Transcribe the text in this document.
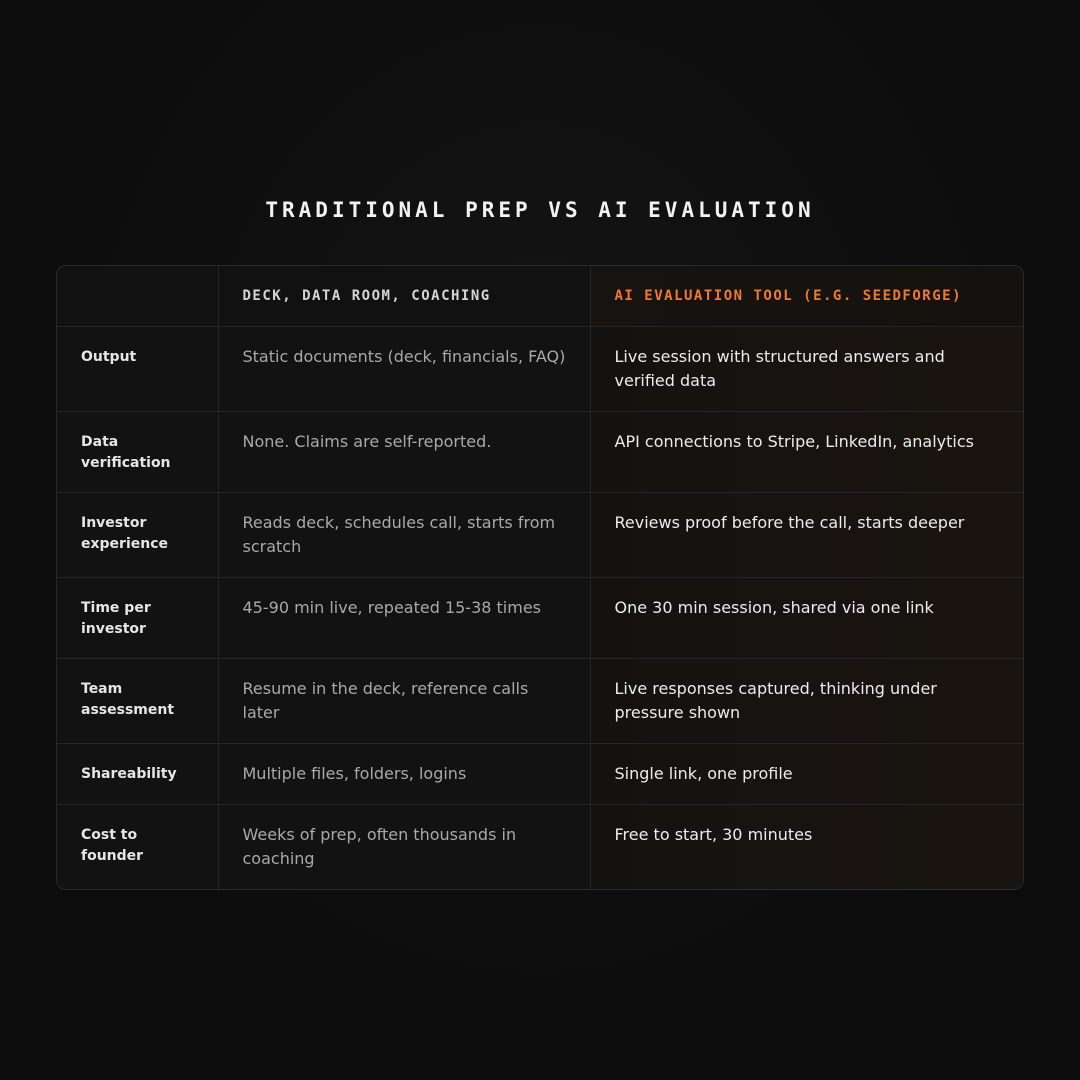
TRADITIONAL PREP VS AI EVALUATION
	DECK, DATA ROOM, COACHING	AI EVALUATION TOOL (E.G. SEEDFORGE)
Output	Static documents (deck, financials, FAQ)	Live session with structured answers and verified data
Data verification	None. Claims are self-reported.	API connections to Stripe, LinkedIn, analytics
Investor experience	Reads deck, schedules call, starts from scratch	Reviews proof before the call, starts deeper
Time per investor	45-90 min live, repeated 15-38 times	One 30 min session, shared via one link
Team assessment	Resume in the deck, reference calls later	Live responses captured, thinking under pressure shown
Shareability	Multiple files, folders, logins	Single link, one profile
Cost to founder	Weeks of prep, often thousands in coaching	Free to start, 30 minutes
